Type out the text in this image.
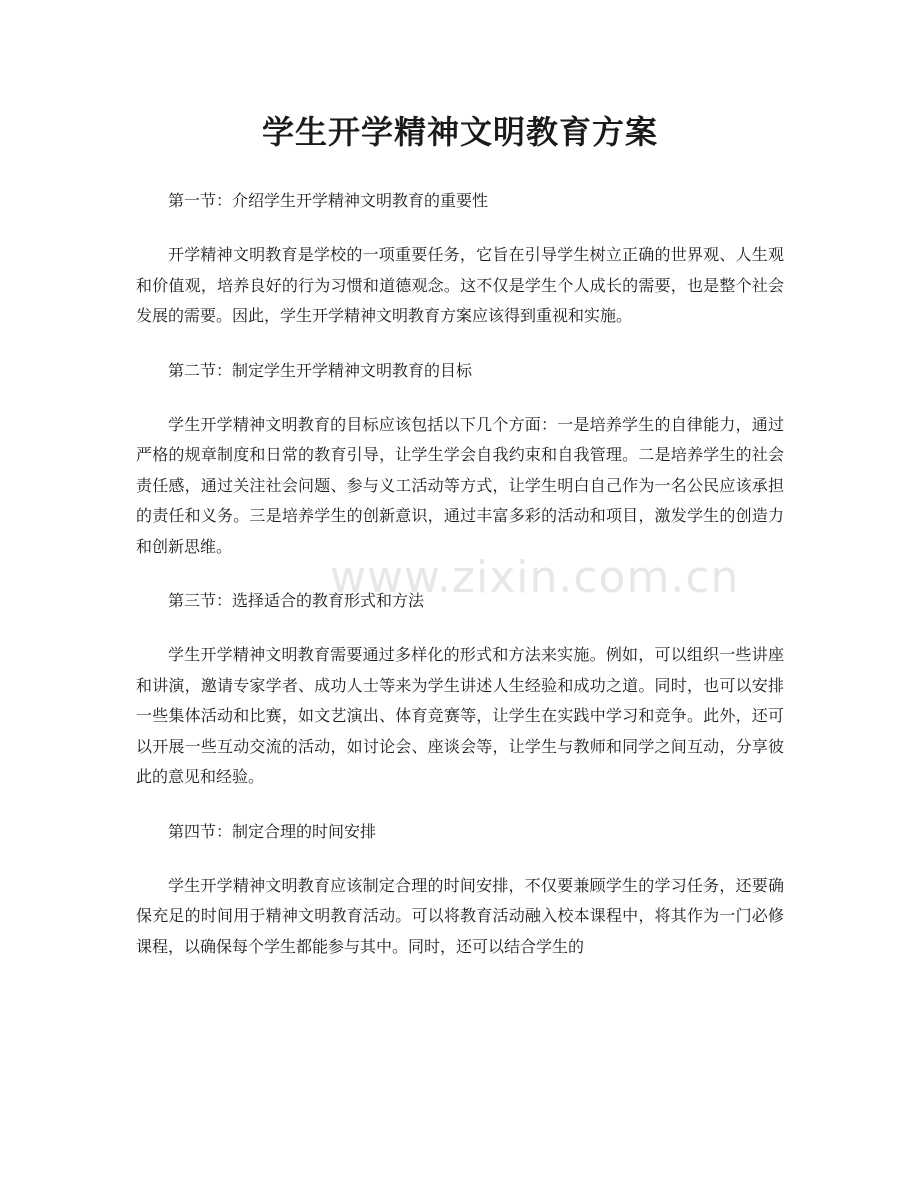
学生开学精神文明教育方案

第一节：介绍学生开学精神文明教育的重要性

开学精神文明教育是学校的一项重要任务，它旨在引导学生树立正确的世界观、人生观和价值观，培养良好的行为习惯和道德观念。这不仅是学生个人成长的需要，也是整个社会发展的需要。因此，学生开学精神文明教育方案应该得到重视和实施。

第二节：制定学生开学精神文明教育的目标

学生开学精神文明教育的目标应该包括以下几个方面：一是培养学生的自律能力，通过严格的规章制度和日常的教育引导，让学生学会自我约束和自我管理。二是培养学生的社会责任感，通过关注社会问题、参与义工活动等方式，让学生明白自己作为一名公民应该承担的责任和义务。三是培养学生的创新意识，通过丰富多彩的活动和项目，激发学生的创造力和创新思维。

第三节：选择适合的教育形式和方法

学生开学精神文明教育需要通过多样化的形式和方法来实施。例如，可以组织一些讲座和讲演，邀请专家学者、成功人士等来为学生讲述人生经验和成功之道。同时，也可以安排一些集体活动和比赛，如文艺演出、体育竞赛等，让学生在实践中学习和竞争。此外，还可以开展一些互动交流的活动，如讨论会、座谈会等，让学生与教师和同学之间互动，分享彼此的意见和经验。

第四节：制定合理的时间安排

学生开学精神文明教育应该制定合理的时间安排，不仅要兼顾学生的学习任务，还要确保充足的时间用于精神文明教育活动。可以将教育活动融入校本课程中，将其作为一门必修课程，以确保每个学生都能参与其中。同时，还可以结合学生的

www.zixin.com.cn
